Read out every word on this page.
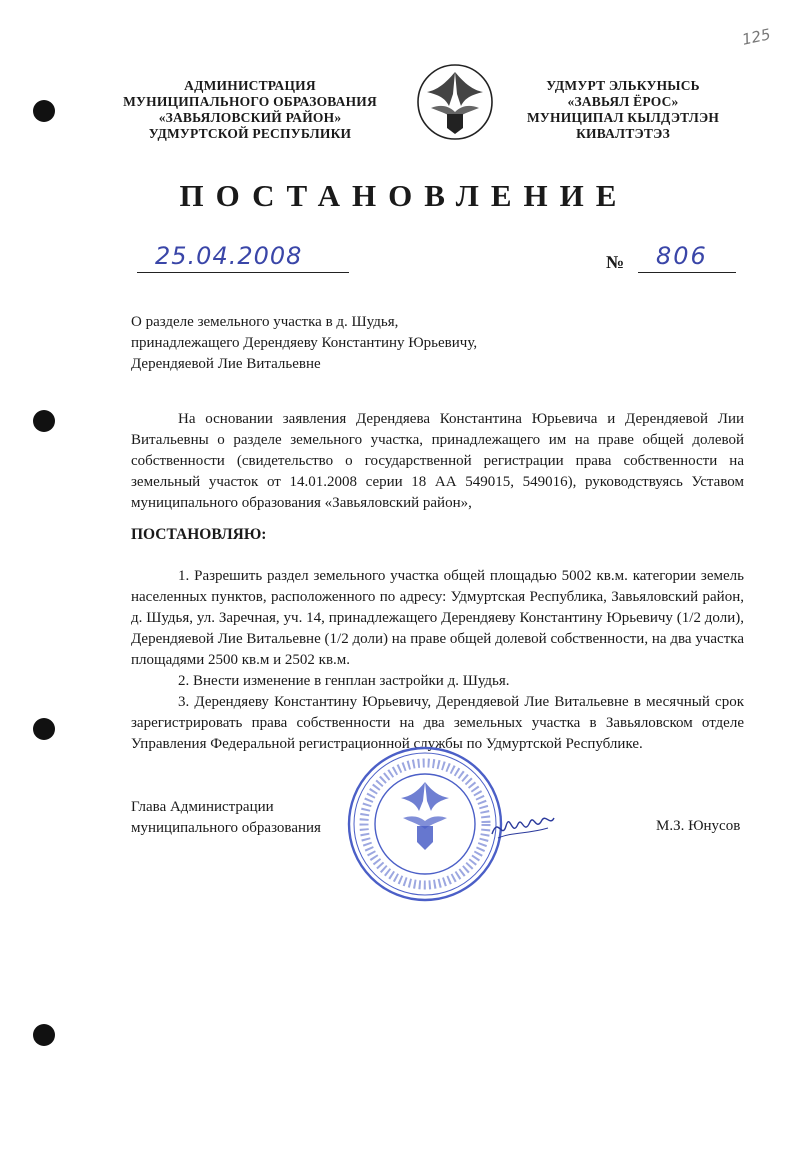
125
АДМИНИСТРАЦИЯ
МУНИЦИПАЛЬНОГО ОБРАЗОВАНИЯ
«ЗАВЬЯЛОВСКИЙ РАЙОН»
УДМУРТСКОЙ РЕСПУБЛИКИ
УДМУРТ ЭЛЬКУНЫСЬ
«ЗАВЬЯЛ ЁРОС»
МУНИЦИПАЛ КЫЛДЭТЛЭН
КИВАЛТЭТЭЗ
ПОСТАНОВЛЕНИЕ
25.04.2008	№ 806
О разделе земельного участка в д. Шудья,
принадлежащего Дерендяеву Константину Юрьевичу,
Дерендяевой Лие Витальевне
На основании заявления Дерендяева Константина Юрьевича и Дерендяевой Лии Витальевны о разделе земельного участка, принадлежащего им на праве общей долевой собственности (свидетельство о государственной регистрации права собственности на земельный участок от 14.01.2008 серии 18 АА 549015, 549016), руководствуясь Уставом муниципального образования «Завьяловский район»,
ПОСТАНОВЛЯЮ:

1. Разрешить раздел земельного участка общей площадью 5002 кв.м. категории земель населенных пунктов, расположенного по адресу: Удмуртская Республика, Завьяловский район, д. Шудья, ул. Заречная, уч. 14, принадлежащего Дерендяеву Константину Юрьевичу (1/2 доли), Дерендяевой Лие Витальевне (1/2 доли) на праве общей долевой собственности, на два участка площадями 2500 кв.м и 2502 кв.м.

2. Внести изменение в генплан застройки д. Шудья.

3. Дерендяеву Константину Юрьевичу, Дерендяевой Лие Витальевне в месячный срок зарегистрировать права собственности на два земельных участка в Завьяловском отделе Управления Федеральной регистрационной службы по Удмуртской Республике.

Глава Администрации
муниципального образования	М.З. Юнусов
